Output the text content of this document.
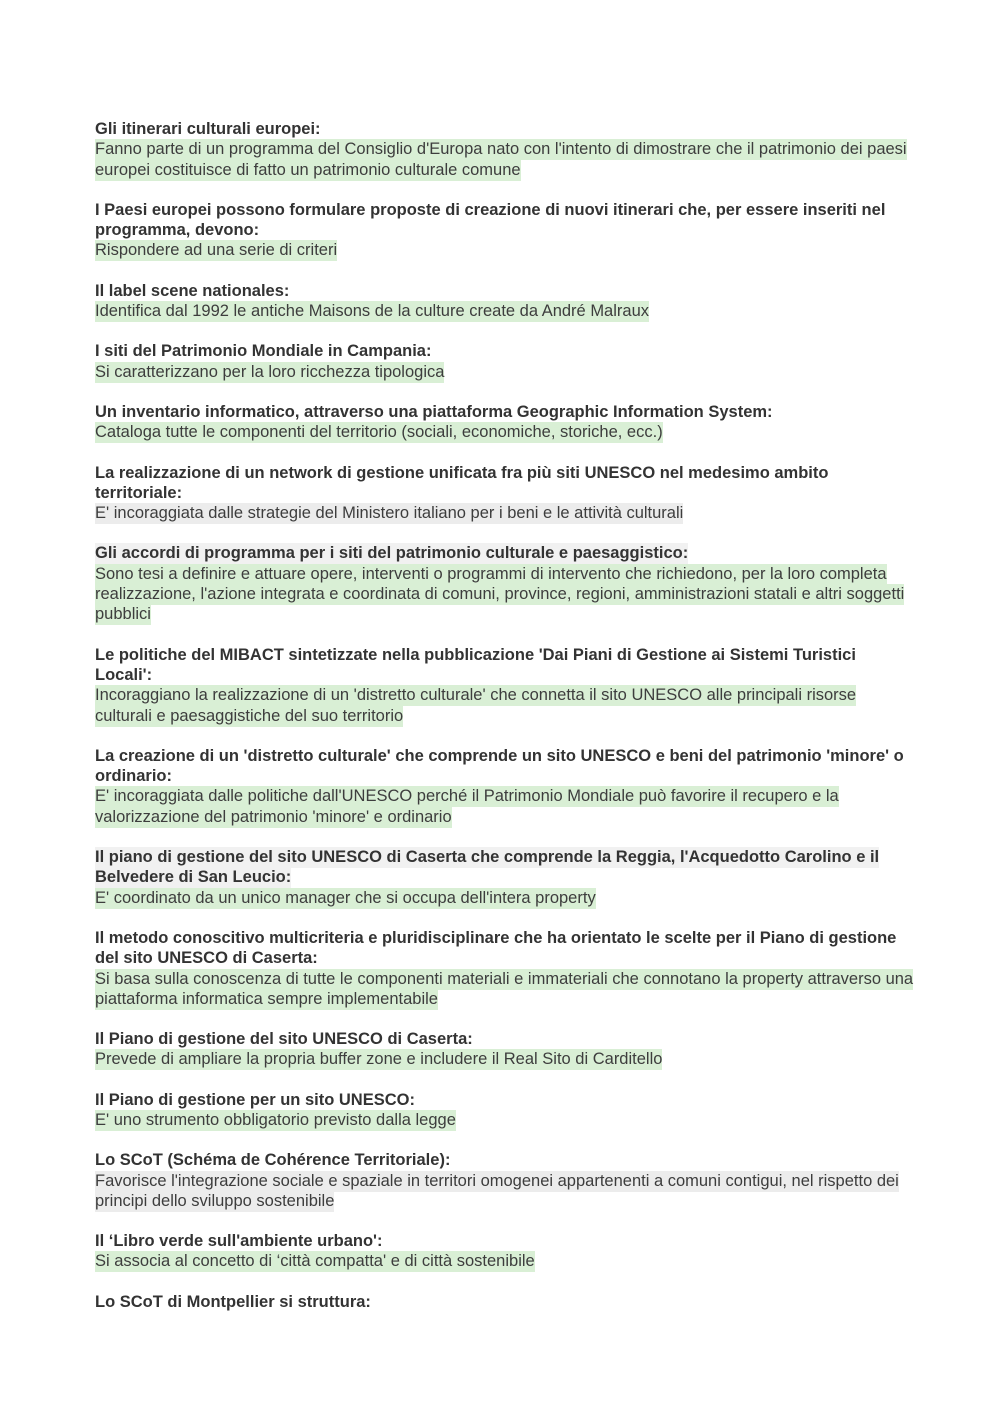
Gli itinerari culturali europei:

Fanno parte di un programma del Consiglio d'Europa nato con l'intento di dimostrare che il patrimonio dei paesi europei costituisce di fatto un patrimonio culturale comune

I Paesi europei possono formulare proposte di creazione di nuovi itinerari che, per essere inseriti nel programma, devono:

Rispondere ad una serie di criteri

Il label scene nationales:

Identifica dal 1992 le antiche Maisons de la culture create da André Malraux

I siti del Patrimonio Mondiale in Campania:

Si caratterizzano per la loro ricchezza tipologica

Un inventario informatico, attraverso una piattaforma Geographic Information System:

Cataloga tutte le componenti del territorio (sociali, economiche, storiche, ecc.)

La realizzazione di un network di gestione unificata fra più siti UNESCO nel medesimo ambito territoriale:

E' incoraggiata dalle strategie del Ministero italiano per i beni e le attività culturali

Gli accordi di programma per i siti del patrimonio culturale e paesaggistico:

Sono tesi a definire e attuare opere, interventi o programmi di intervento che richiedono, per la loro completa realizzazione, l'azione integrata e coordinata di comuni, province, regioni, amministrazioni statali e altri soggetti pubblici

Le politiche del MIBACT sintetizzate nella pubblicazione 'Dai Piani di Gestione ai Sistemi Turistici Locali':

Incoraggiano la realizzazione di un 'distretto culturale' che connetta il sito UNESCO alle principali risorse culturali e paesaggistiche del suo territorio

La creazione di un 'distretto culturale' che comprende un sito UNESCO e beni del patrimonio 'minore' o ordinario:

E' incoraggiata dalle politiche dall'UNESCO perché il Patrimonio Mondiale può favorire il recupero e la valorizzazione del patrimonio 'minore' e ordinario

Il piano di gestione del sito UNESCO di Caserta che comprende la Reggia, l'Acquedotto Carolino e il Belvedere di San Leucio:

E' coordinato da un unico manager che si occupa dell'intera property

Il metodo conoscitivo multicriteria e pluridisciplinare che ha orientato le scelte per il Piano di gestione del sito UNESCO di Caserta:

Si basa sulla conoscenza di tutte le componenti materiali e immateriali che connotano la property attraverso una piattaforma informatica sempre implementabile

Il Piano di gestione del sito UNESCO di Caserta:

Prevede di ampliare la propria buffer zone e includere il Real Sito di Carditello

Il Piano di gestione per un sito UNESCO:

E' uno strumento obbligatorio previsto dalla legge

Lo SCoT (Schéma de Cohérence Territoriale):

Favorisce l'integrazione sociale e spaziale in territori omogenei appartenenti a comuni contigui, nel rispetto dei principi dello sviluppo sostenibile

Il ‘Libro verde sull'ambiente urbano':

Si associa al concetto di ‘città compatta' e di città sostenibile

Lo SCoT di Montpellier si struttura:
